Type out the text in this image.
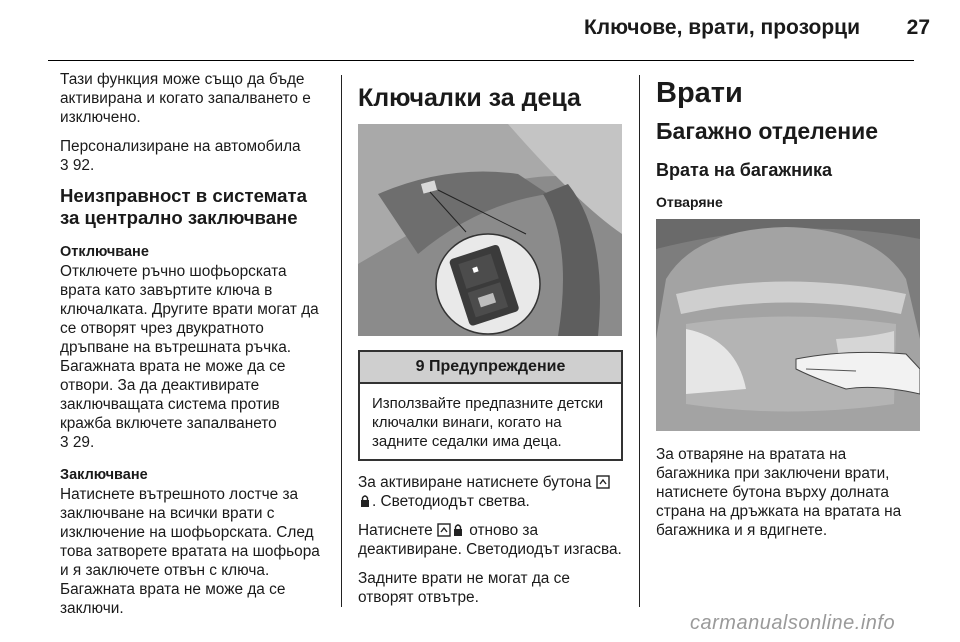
Ключове, врати, прозорци	27

Тази функция може също да бъде активирана и когато запалването е изключено.

Персонализиране на автомобила
3 92.

Неизправност в системата за централно заключване
Отключване

Отключете ръчно шофьорската врата като завъртите ключа в ключалката. Другите врати могат да се отворят чрез двукратното дръпване на вътрешната ръчка. Багажната врата не може да се отвори. За да деактивирате заключващата система против кражба включете запалването
3 29.

Заключване

Натиснете вътрешното лостче за заключване на всички врати с изключение на шофьорската. След това затворете вратата на шофьора и я заключете отвън с ключа. Багажната врата не може да се заключи.

Ключалки за деца
9 Предупреждение
Използвайте предпазните детски ключалки винаги, когато на задните седалки има деца.

За активиране натиснете бутона
. Светодиодът светва.

Натиснете отново за деактивиране. Светодиодът изгасва.

Задните врати не могат да се отворят отвътре.

Врати
Багажно отделение
Врата на багажника
Отваряне

За отваряне на вратата на багажника при заключени врати, натиснете бутона върху долната страна на дръжката на вратата на багажника и я вдигнете.

carmanualsonline.info
